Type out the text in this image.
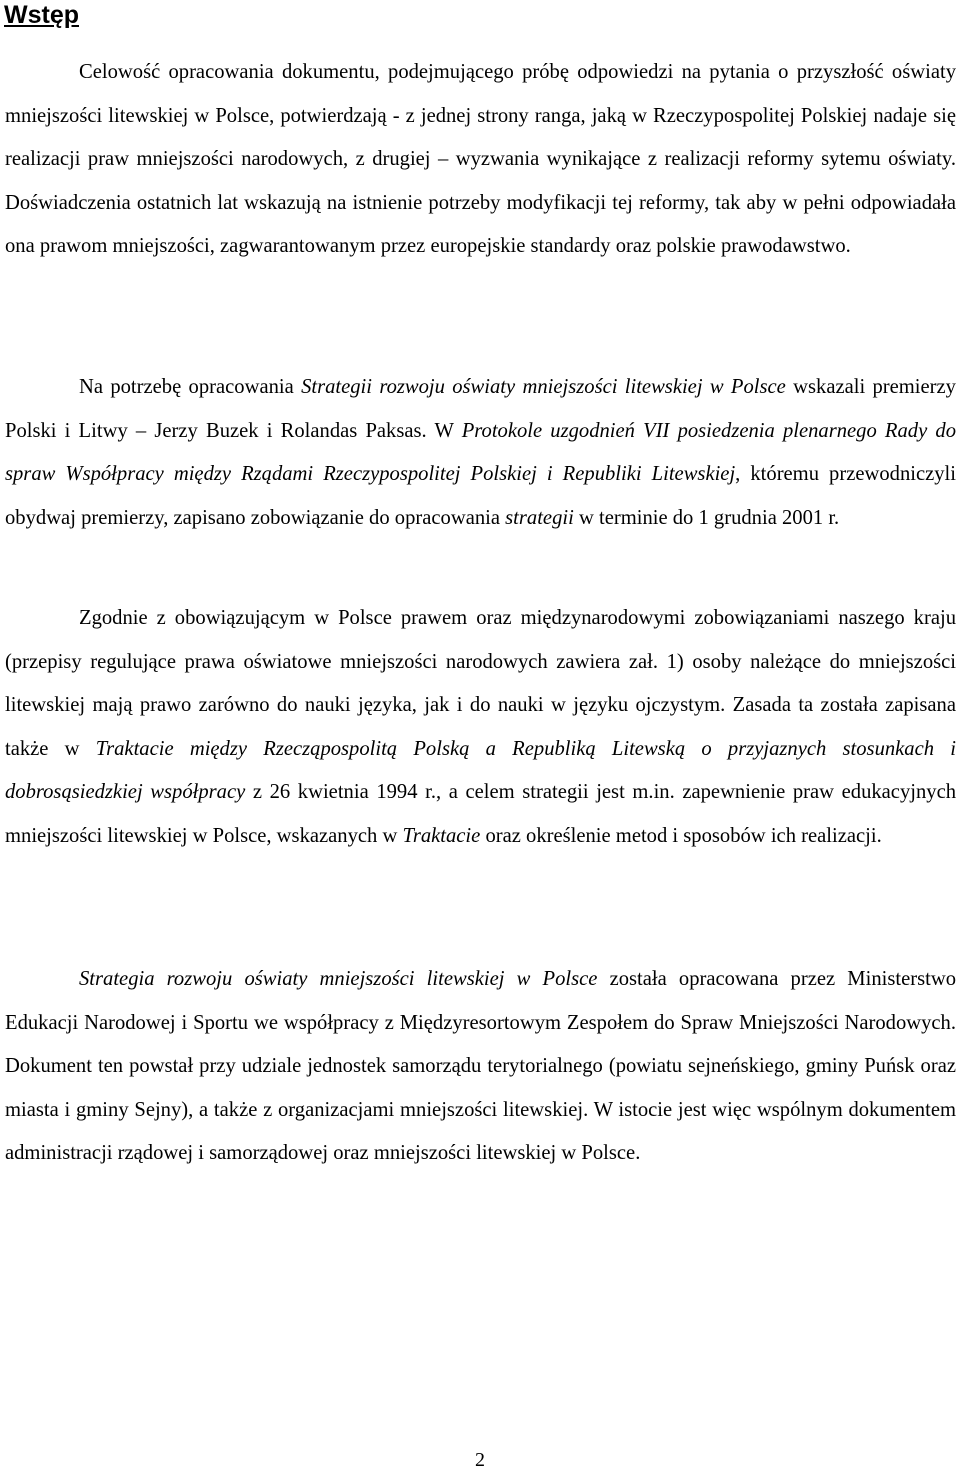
Wstęp

Celowość opracowania dokumentu, podejmującego próbę odpowiedzi na pytania o przyszłość oświaty mniejszości litewskiej w Polsce, potwierdzają - z jednej strony ranga, jaką w Rzeczypospolitej Polskiej nadaje się realizacji praw mniejszości narodowych, z drugiej – wyzwania wynikające z realizacji reformy sytemu oświaty. Doświadczenia ostatnich lat wskazują na istnienie potrzeby modyfikacji tej reformy, tak aby w pełni odpowiadała ona prawom mniejszości, zagwarantowanym przez europejskie standardy oraz polskie prawodawstwo.

Na potrzebę opracowania Strategii rozwoju oświaty mniejszości litewskiej w Polsce wskazali premierzy Polski i Litwy – Jerzy Buzek i Rolandas Paksas. W Protokole uzgodnień VII posiedzenia plenarnego Rady do spraw Współpracy między Rządami Rzeczypospolitej Polskiej i Republiki Litewskiej, któremu przewodniczyli obydwaj premierzy, zapisano zobowiązanie do opracowania strategii w terminie do 1 grudnia 2001 r.

Zgodnie z obowiązującym w Polsce prawem oraz międzynarodowymi zobowiązaniami naszego kraju (przepisy regulujące prawa oświatowe mniejszości narodowych zawiera zał. 1) osoby należące do mniejszości litewskiej mają prawo zarówno do nauki języka, jak i do nauki w języku ojczystym. Zasada ta została zapisana także w Traktacie między Rzecząpospolitą Polską a Republiką Litewską o przyjaznych stosunkach i dobrosąsiedzkiej współpracy z 26 kwietnia 1994 r., a celem strategii jest m.in. zapewnienie praw edukacyjnych mniejszości litewskiej w Polsce, wskazanych w Traktacie oraz określenie metod i sposobów ich realizacji.

Strategia rozwoju oświaty mniejszości litewskiej w Polsce została opracowana przez Ministerstwo Edukacji Narodowej i Sportu we współpracy z Międzyresortowym Zespołem do Spraw Mniejszości Narodowych. Dokument ten powstał przy udziale jednostek samorządu terytorialnego (powiatu sejneńskiego, gminy Puńsk oraz miasta i gminy Sejny), a także z organizacjami mniejszości litewskiej. W istocie jest więc wspólnym dokumentem administracji rządowej i samorządowej oraz mniejszości litewskiej w Polsce.

2
